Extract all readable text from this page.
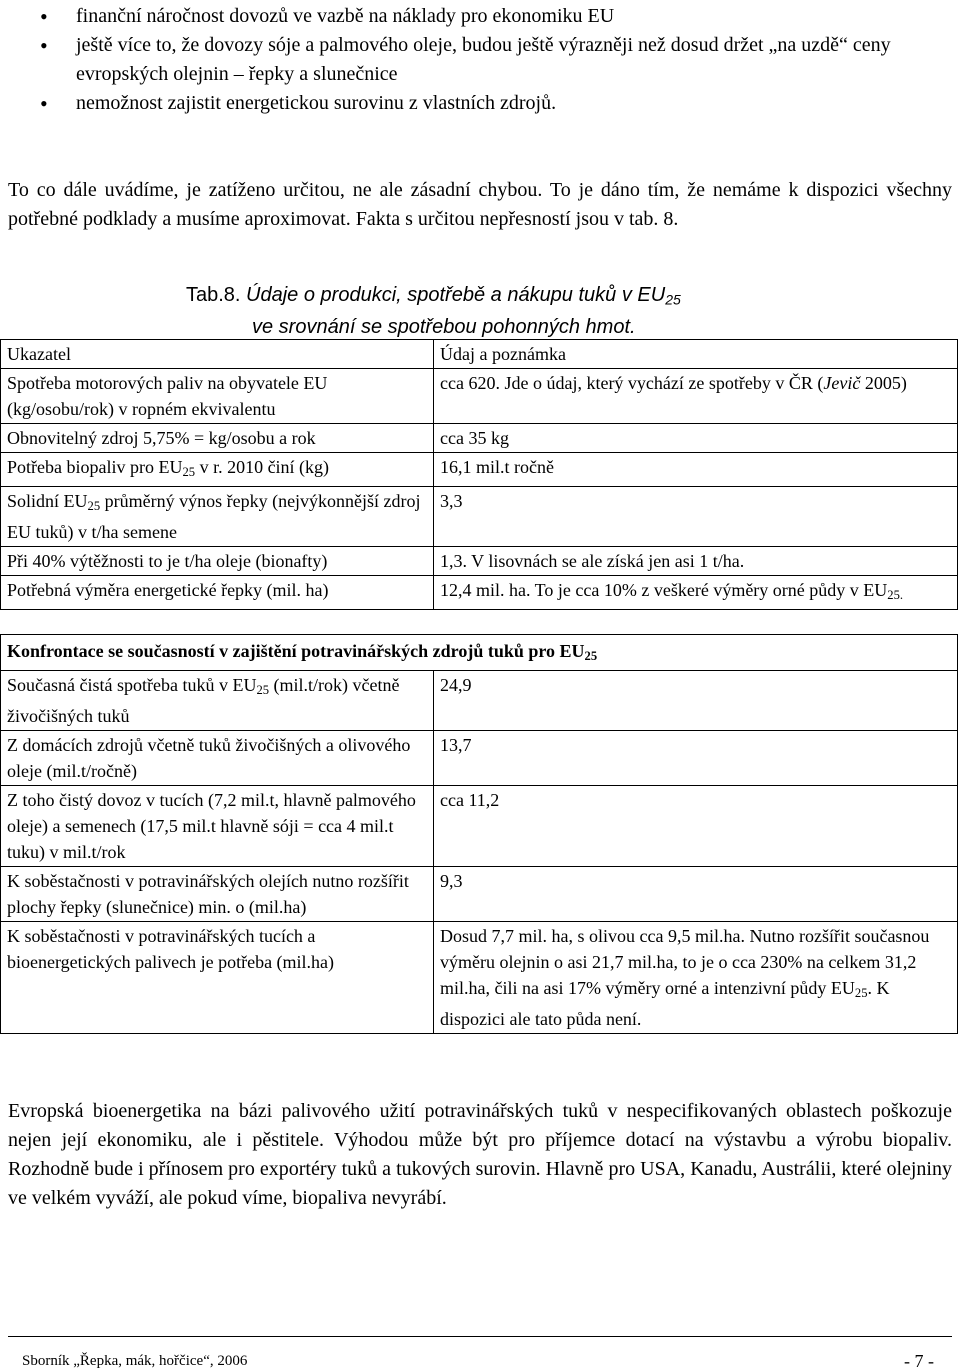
• finanční náročnost dovozů ve vazbě na náklady pro ekonomiku EU
• ještě více to, že dovozy sóje a palmového oleje, budou ještě výrazněji než dosud držet „na uzdě“ ceny evropských olejnin – řepky a slunečnice
• nemožnost zajistit energetickou surovinu z vlastních zdrojů.

To co dále uvádíme, je zatíženo určitou, ne ale zásadní chybou. To je dáno tím, že nemáme k dispozici všechny potřebné podklady a musíme aproximovat. Fakta s určitou nepřesností jsou v tab. 8.

Tab.8. Údaje o produkci, spotřebě a nákupu tuků v $EU_{25}$
ve srovnání se spotřebou pohonných hmot.
Ukazatel	Údaj a poznámka
Spotřeba motorových paliv na obyvatele EU (kg/osobu/rok) v ropném ekvivalentu	cca 620. Jde o údaj, který vychází ze spotřeby v ČR (Jevič 2005)
Obnovitelný zdroj 5,75% = kg/osobu a rok	cca 35 kg
Potřeba biopaliv pro $EU_{25}$ v r. 2010 činí (kg)	16,1 mil.t ročně
Solidní $EU_{25}$ průměrný výnos řepky (nejvýkonnější zdroj EU tuků) v t/ha semene	3,3
Při 40% výtěžnosti to je t/ha oleje (bionafty)	1,3. V lisovnách se ale získá jen asi 1 t/ha.
Potřebná výměra energetické řepky (mil. ha)	12,4 mil. ha. To je cca 10% z veškeré výměry orné půdy v $EU_{25.}$
Konfrontace se současností v zajištění potravinářských zdrojů tuků pro $EU_{25}$
Současná čistá spotřeba tuků v $EU_{25}$ (mil.t/rok) včetně živočišných tuků	24,9
Z domácích zdrojů včetně tuků živočišných a olivového oleje (mil.t/ročně)	13,7
Z toho čistý dovoz v tucích (7,2 mil.t, hlavně palmového oleje) a semenech (17,5 mil.t hlavně sóji = cca 4 mil.t tuku) v mil.t/rok	cca 11,2
K soběstačnosti v potravinářských olejích nutno rozšířit plochy řepky (slunečnice) min. o (mil.ha)	9,3
K soběstačnosti v potravinářských tucích a bioenergetických palivech je potřeba (mil.ha)	Dosud 7,7 mil. ha, s olivou cca 9,5 mil.ha. Nutno rozšířit současnou výměru olejnin o asi 21,7 mil.ha, to je o cca 230% na celkem 31,2 mil.ha, čili na asi 17% výměry orné a intenzivní půdy $EU_{25}$. K dispozici ale tato půda není.

Evropská bioenergetika na bázi palivového užití potravinářských tuků v nespecifikovaných oblastech poškozuje nejen její ekonomiku, ale i pěstitele. Výhodou může být pro příjemce dotací na výstavbu a výrobu biopaliv. Rozhodně bude i přínosem pro exportéry tuků a tukových surovin. Hlavně pro USA, Kanadu, Austrálii, které olejniny ve velkém vyváží, ale pokud víme, biopaliva nevyrábí.

Sborník „Řepka, mák, hořčice“, 2006	- 7 -
